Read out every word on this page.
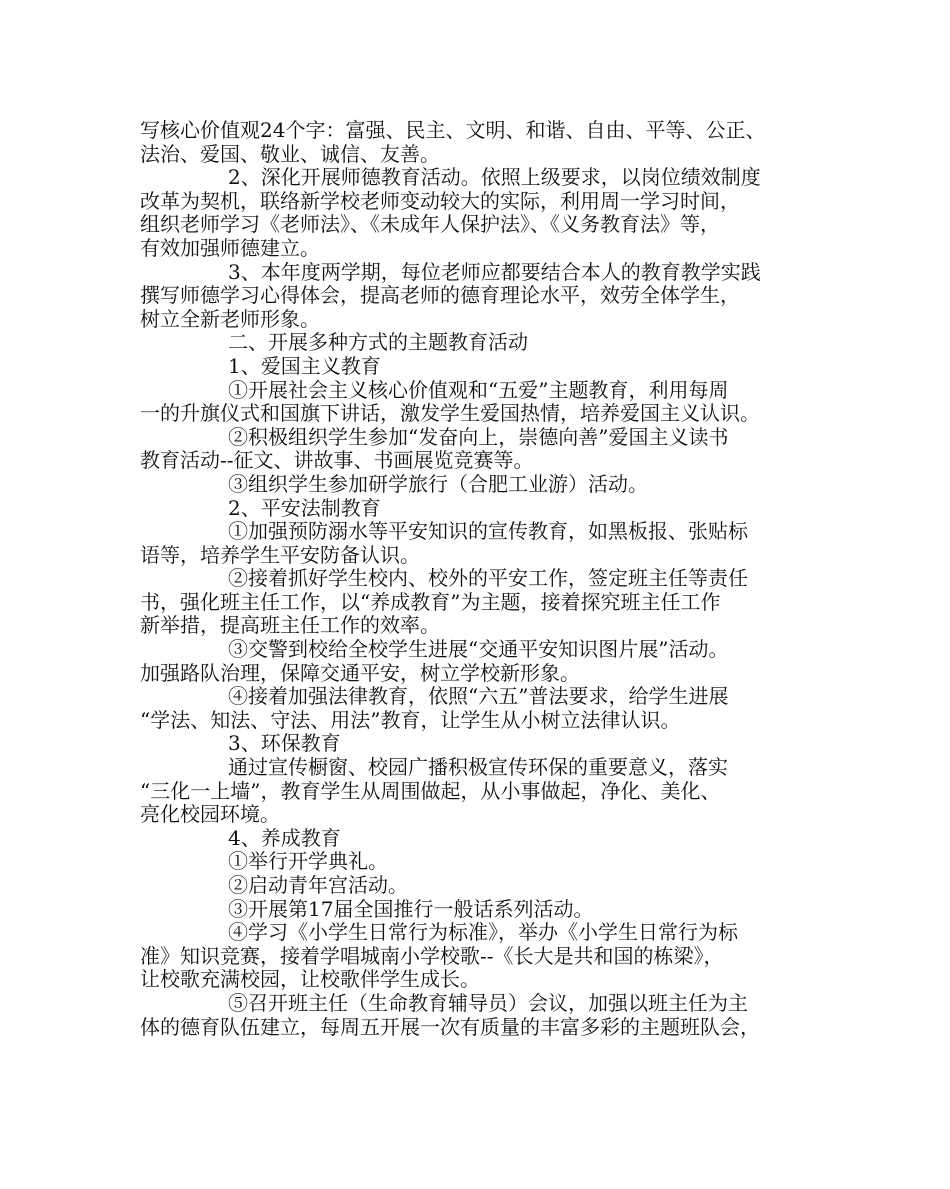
写核心价值观24个字：富强、民主、文明、和谐、自由、平等、公正、
法治、爱国、敬业、诚信、友善。
2、深化开展师德教育活动。依照上级要求，以岗位绩效制度
改革为契机，联络新学校老师变动较大的实际，利用周一学习时间，
组织老师学习《老师法》、《未成年人保护法》、《义务教育法》等，
有效加强师德建立。
3、本年度两学期，每位老师应都要结合本人的教育教学实践
撰写师德学习心得体会，提高老师的德育理论水平，效劳全体学生，
树立全新老师形象。
二、开展多种方式的主题教育活动
1、爱国主义教育
①开展社会主义核心价值观和“五爱”主题教育，利用每周
一的升旗仪式和国旗下讲话，激发学生爱国热情，培养爱国主义认识。
②积极组织学生参加“发奋向上，崇德向善”爱国主义读书
教育活动--征文、讲故事、书画展览竞赛等。
③组织学生参加研学旅行（合肥工业游）活动。
2、平安法制教育
①加强预防溺水等平安知识的宣传教育，如黑板报、张贴标
语等，培养学生平安防备认识。
②接着抓好学生校内、校外的平安工作，签定班主任等责任
书，强化班主任工作，以“养成教育”为主题，接着探究班主任工作
新举措，提高班主任工作的效率。
③交警到校给全校学生进展“交通平安知识图片展”活动。
加强路队治理，保障交通平安，树立学校新形象。
④接着加强法律教育，依照“六五”普法要求，给学生进展
“学法、知法、守法、用法”教育，让学生从小树立法律认识。
3、环保教育
通过宣传橱窗、校园广播积极宣传环保的重要意义，落实
“三化一上墙”，教育学生从周围做起，从小事做起，净化、美化、
亮化校园环境。
4、养成教育
①举行开学典礼。
②启动青年宫活动。
③开展第17届全国推行一般话系列活动。
④学习《小学生日常行为标准》，举办《小学生日常行为标
准》知识竞赛，接着学唱城南小学校歌--《长大是共和国的栋梁》，
让校歌充满校园，让校歌伴学生成长。
⑤召开班主任（生命教育辅导员）会议，加强以班主任为主
体的德育队伍建立，每周五开展一次有质量的丰富多彩的主题班队会，
